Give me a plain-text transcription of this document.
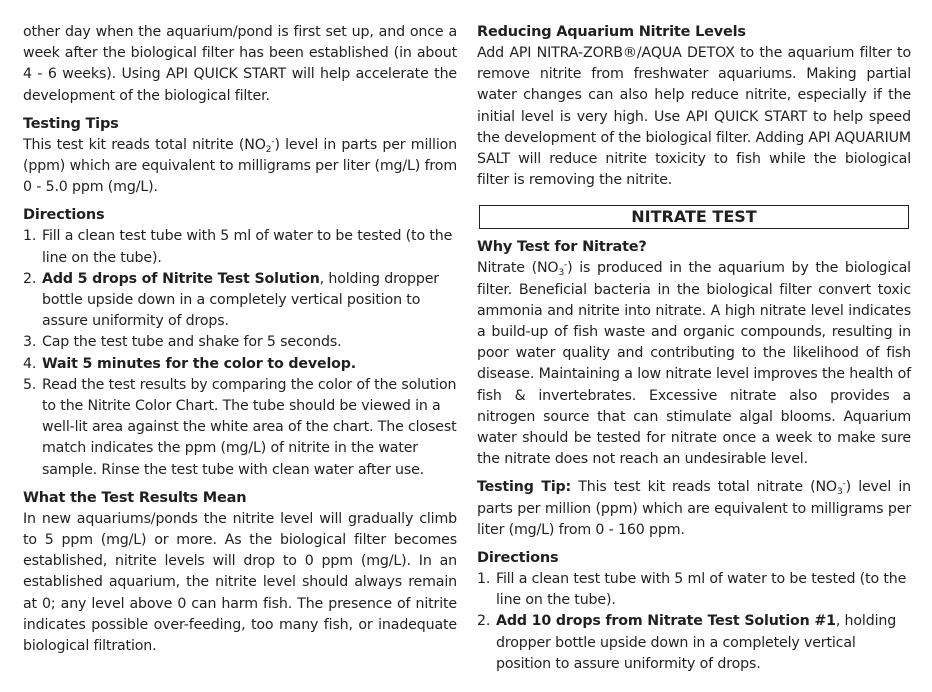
other day when the aquarium/pond is first set up, and once a week after the biological filter has been established (in about 4 - 6 weeks). Using API QUICK START will help accelerate the development of the biological filter.

Testing Tips

This test kit reads total nitrite $(NO_2^-)$ level in parts per million (ppm) which are equivalent to milligrams per liter (mg/L) from 0 - 5.0 ppm (mg/L).

Directions
1. Fill a clean test tube with 5 ml of water to be tested (to the line on the tube).
2. Add 5 drops of Nitrite Test Solution, holding dropper bottle upside down in a completely vertical position to assure uniformity of drops.
3. Cap the test tube and shake for 5 seconds.
4. Wait 5 minutes for the color to develop.
5. Read the test results by comparing the color of the solution to the Nitrite Color Chart. The tube should be viewed in a well-lit area against the white area of the chart. The closest match indicates the ppm (mg/L) of nitrite in the water sample. Rinse the test tube with clean water after use.
What the Test Results Mean

In new aquariums/ponds the nitrite level will gradually climb to 5 ppm (mg/L) or more. As the biological filter becomes established, nitrite levels will drop to 0 ppm (mg/L). In an established aquarium, the nitrite level should always remain at 0; any level above 0 can harm fish. The presence of nitrite indicates possible over-feeding, too many fish, or inadequate biological filtration.

Reducing Aquarium Nitrite Levels

Add API NITRA-ZORB®/AQUA DETOX to the aquarium filter to remove nitrite from freshwater aquariums. Making partial water changes can also help reduce nitrite, especially if the initial level is very high. Use API QUICK START to help speed the development of the biological filter. Adding API AQUARIUM SALT will reduce nitrite toxicity to fish while the biological filter is removing the nitrite.

NITRATE TEST
Why Test for Nitrate?

Nitrate $(NO_3^-)$ is produced in the aquarium by the biological filter. Beneficial bacteria in the biological filter convert toxic ammonia and nitrite into nitrate. A high nitrate level indicates a build-up of fish waste and organic compounds, resulting in poor water quality and contributing to the likelihood of fish disease. Maintaining a low nitrate level improves the health of fish & invertebrates. Excessive nitrate also provides a nitrogen source that can stimulate algal blooms. Aquarium water should be tested for nitrate once a week to make sure the nitrate does not reach an undesirable level.

Testing Tip: This test kit reads total nitrate $(NO_3^-)$ level in parts per million (ppm) which are equivalent to milligrams per liter (mg/L) from 0 - 160 ppm.

Directions
1. Fill a clean test tube with 5 ml of water to be tested (to the line on the tube).
2. Add 10 drops from Nitrate Test Solution #1, holding dropper bottle upside down in a completely vertical position to assure uniformity of drops.
